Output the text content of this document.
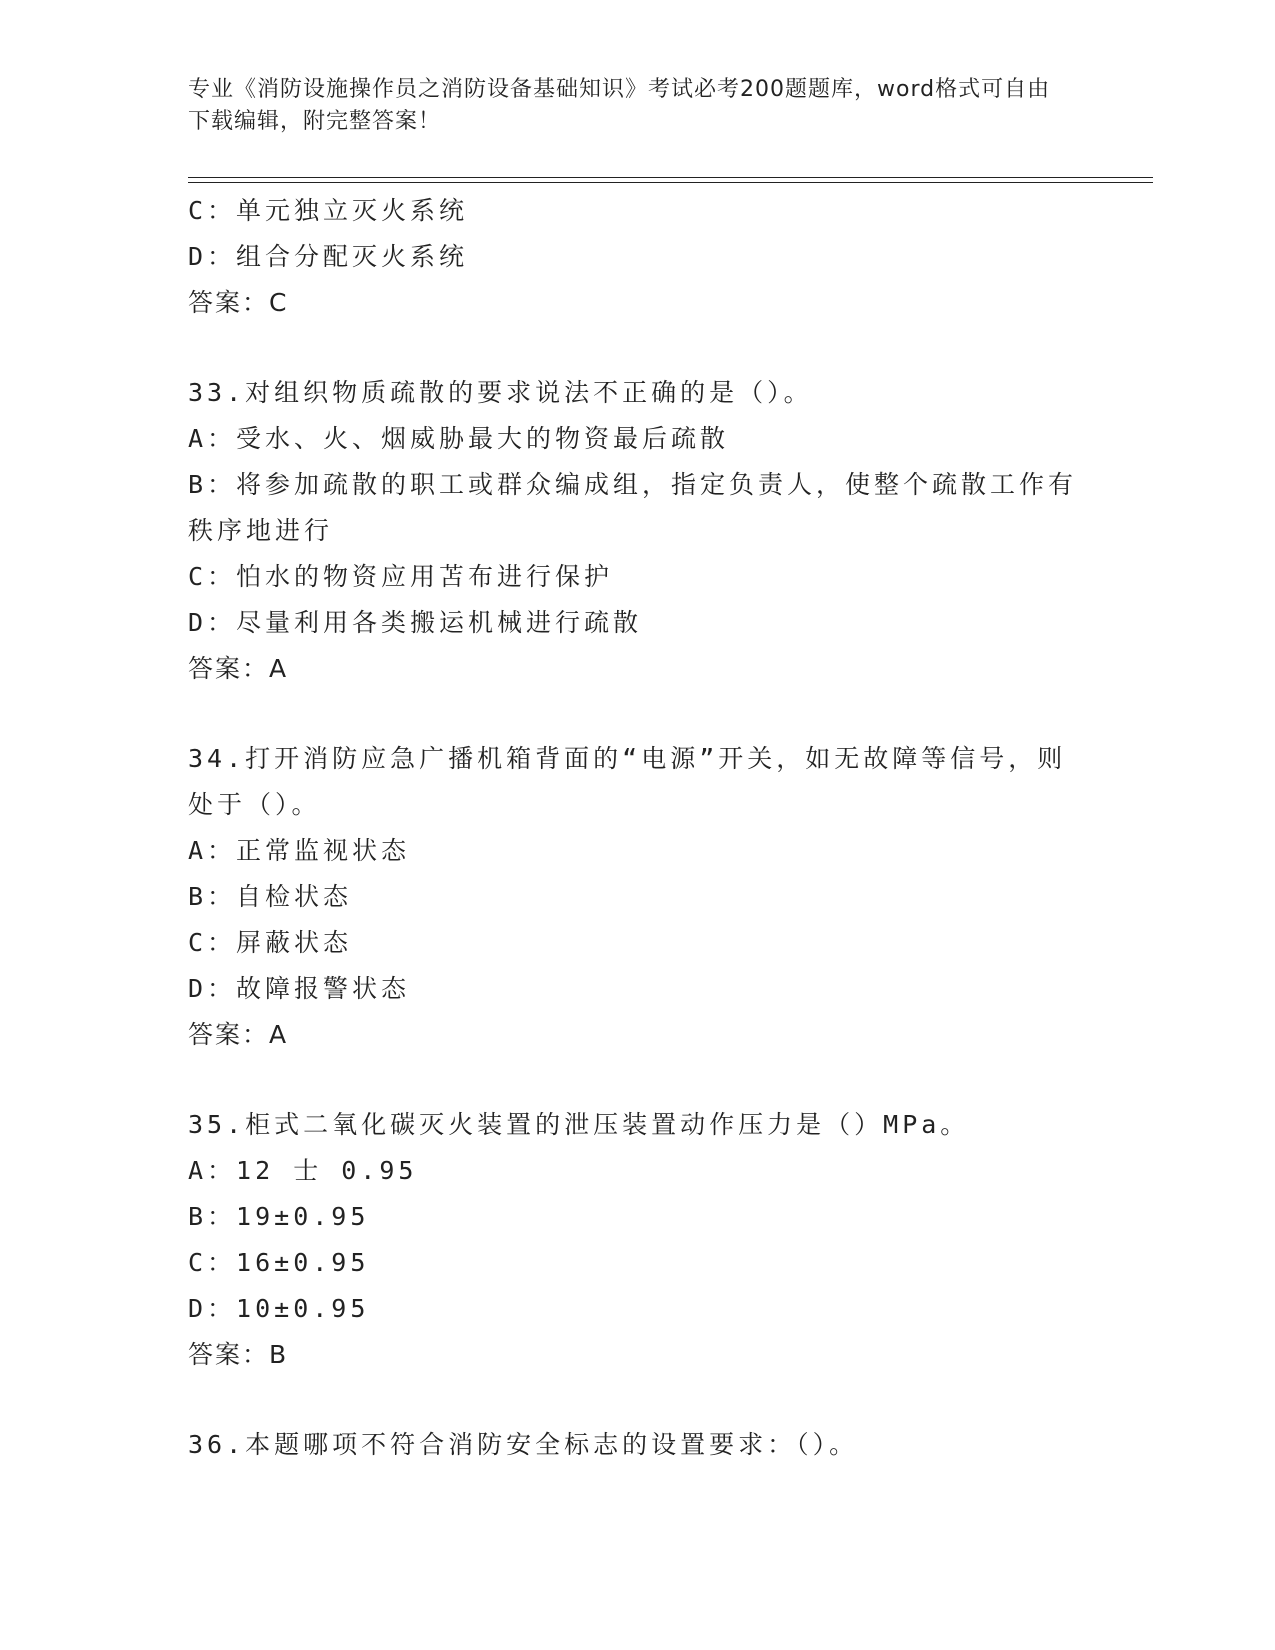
专业《消防设施操作员之消防设备基础知识》考试必考200题题库，word格式可自由下载编辑，附完整答案！

C：单元独立灭火系统

D：组合分配灭火系统

答案：C

33.对组织物质疏散的要求说法不正确的是（）。

A：受水、火、烟威胁最大的物资最后疏散

B：将参加疏散的职工或群众编成组，指定负责人，使整个疏散工作有秩序地进行

C：怕水的物资应用苫布进行保护

D：尽量利用各类搬运机械进行疏散

答案：A

34.打开消防应急广播机箱背面的“电源”开关，如无故障等信号，则处于（）。

A：正常监视状态

B：自检状态

C：屏蔽状态

D：故障报警状态

答案：A

35.柜式二氧化碳灭火装置的泄压装置动作压力是（）MPa。

A：12 士 0.95

B：19±0.95

C：16±0.95

D：10±0.95

答案：B

36.本题哪项不符合消防安全标志的设置要求：（）。
